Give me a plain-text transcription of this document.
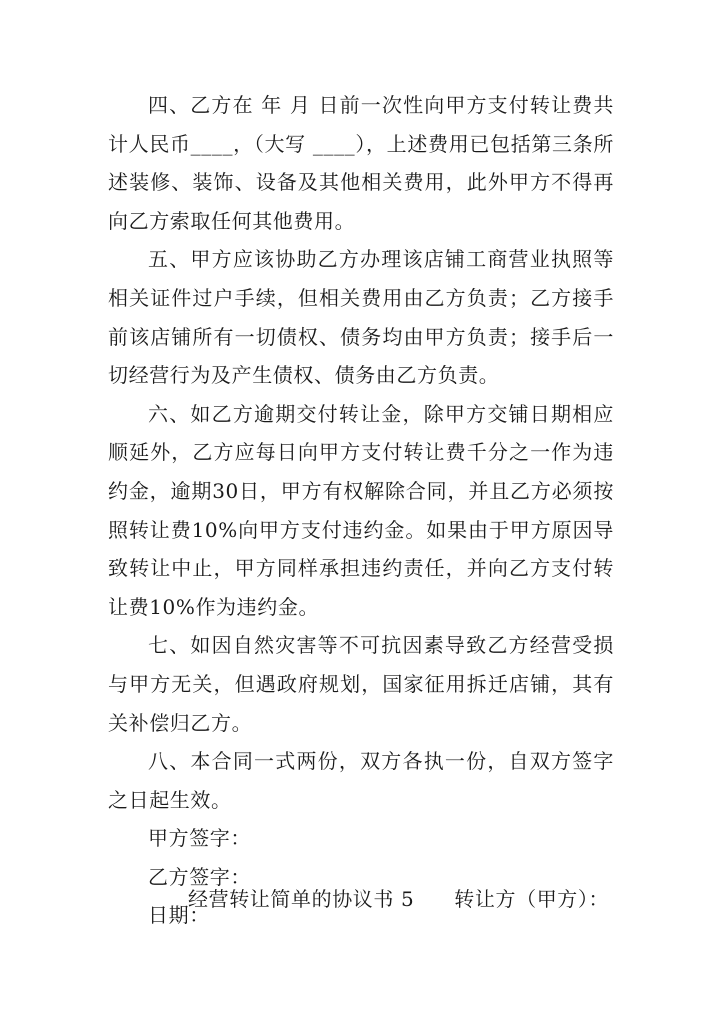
四、乙方在 年 月 日前一次性向甲方支付转让费共计人民币____，（大写 ____），上述费用已包括第三条所述装修、装饰、设备及其他相关费用，此外甲方不得再向乙方索取任何其他费用。

五、甲方应该协助乙方办理该店铺工商营业执照等相关证件过户手续，但相关费用由乙方负责；乙方接手前该店铺所有一切债权、债务均由甲方负责；接手后一切经营行为及产生债权、债务由乙方负责。

六、如乙方逾期交付转让金，除甲方交铺日期相应顺延外，乙方应每日向甲方支付转让费千分之一作为违约金，逾期30日，甲方有权解除合同，并且乙方必须按照转让费10%向甲方支付违约金。如果由于甲方原因导致转让中止，甲方同样承担违约责任，并向乙方支付转让费10%作为违约金。

七、如因自然灾害等不可抗因素导致乙方经营受损与甲方无关，但遇政府规划，国家征用拆迁店铺，其有关补偿归乙方。

八、本合同一式两份，双方各执一份，自双方签字之日起生效。

甲方签字：

乙方签字：

日期：

经营转让简单的协议书 5 转让方（甲方）：
